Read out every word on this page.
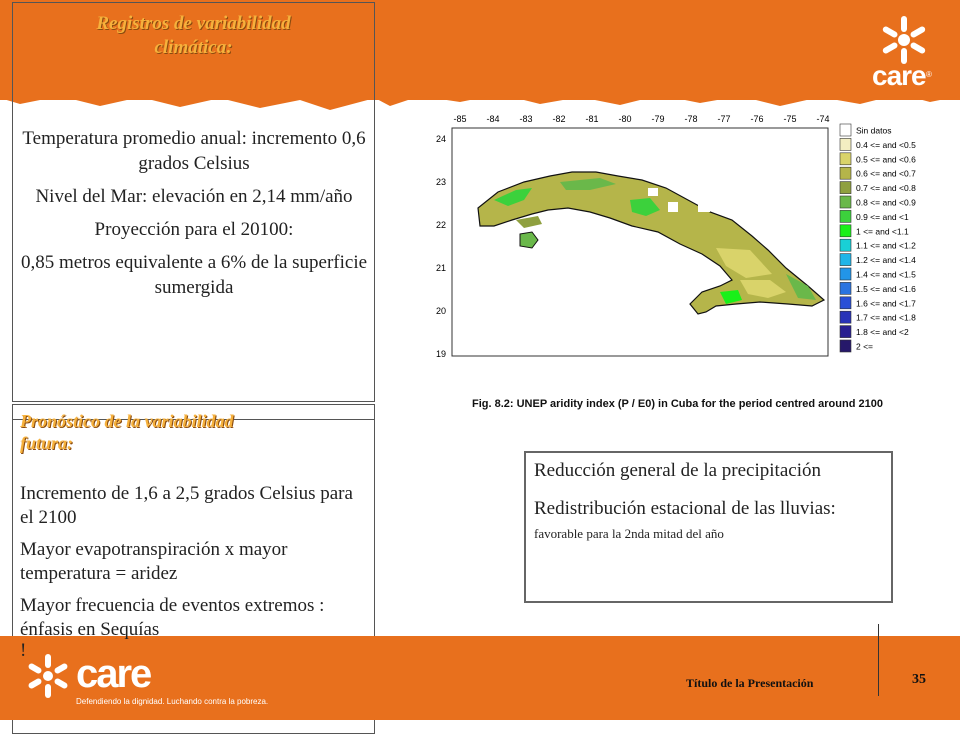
care ®
Registros de variabilidad
climática:

Temperatura promedio anual: incremento 0,6 grados Celsius

Nivel del Mar: elevación en 2,14 mm/año

Proyección para el 20100:

0,85 metros equivalente a 6% de la superficie sumergida

Pronóstico de la variabilidad
futura:

Incremento de 1,6 a 2,5 grados Celsius para el 2100

Mayor evapotranspiración x mayor temperatura = aridez

Mayor frecuencia de eventos extremos : énfasis en Sequías

!

-85 -84 -83 -82 -81 -80 -79 -78 -77 -76 -75 -74
24
23
22
21
20
19
Sin datos
0.4 <= and <0.5
0.5 <= and <0.6
0.6 <= and <0.7
0.7 <= and <0.8
0.8 <= and <0.9
0.9 <= and <1
1 <= and <1.1
1.1 <= and <1.2
1.2 <= and <1.4
1.4 <= and <1.5
1.5 <= and <1.6
1.6 <= and <1.7
1.7 <= and <1.8
1.8 <= and <2
2 <=
Fig. 8.2: UNEP aridity index (P / E0) in Cuba for the period centred around 2100

Reducción general de la precipitación

Redistribución estacional de las lluvias: favorable para la 2nda mitad del año

care
Defendiendo la dignidad. Luchando contra la pobreza.
Título de la Presentación	35
